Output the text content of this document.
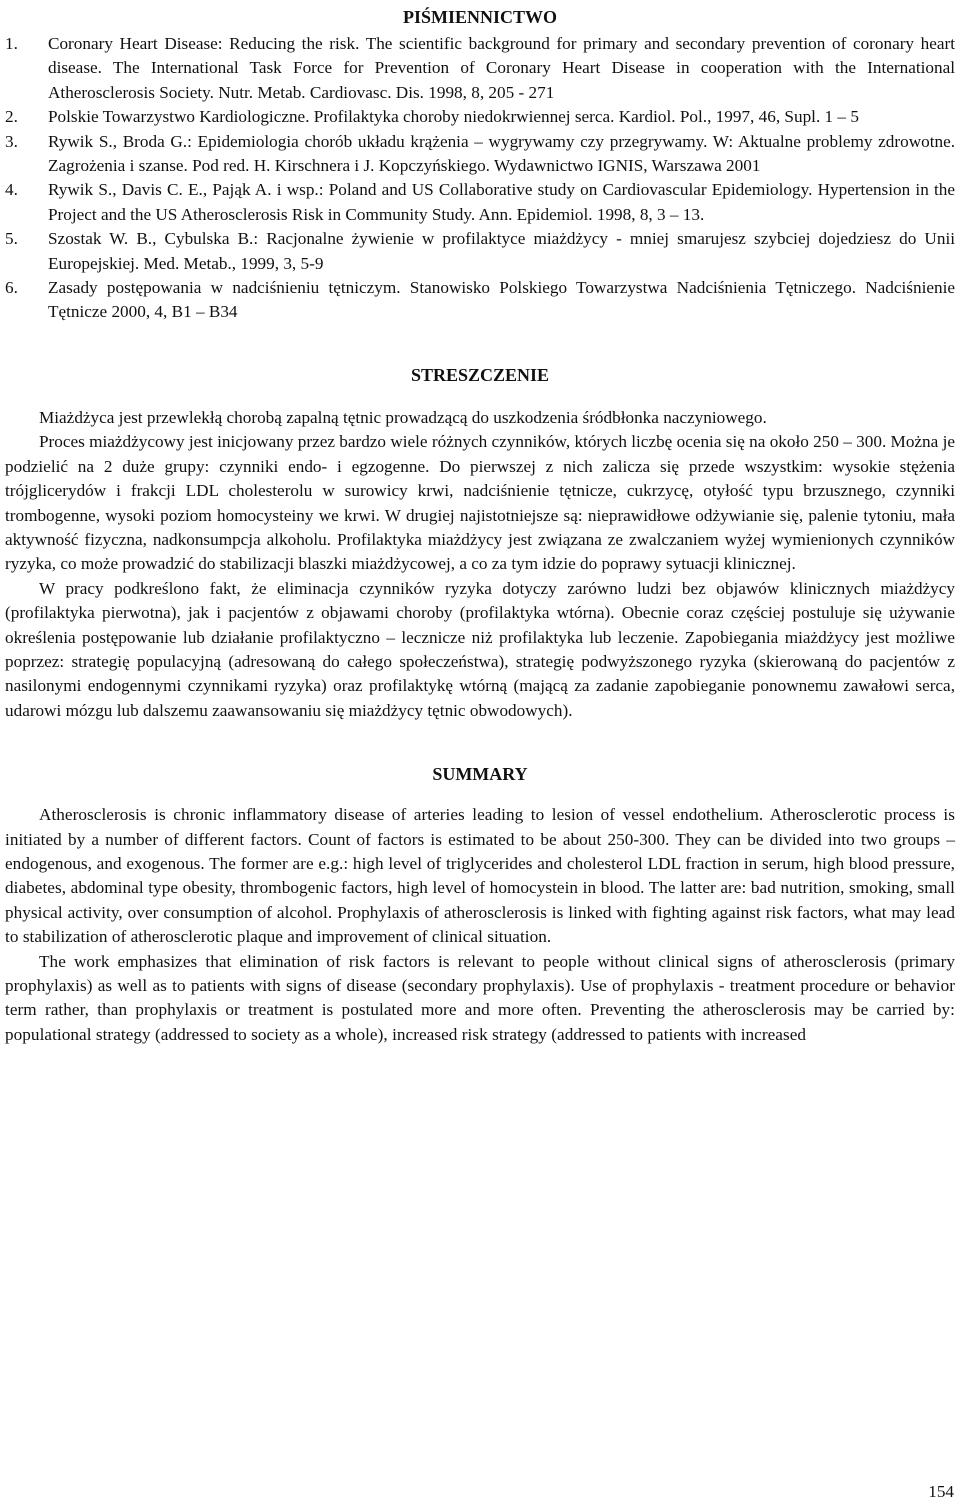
PIŚMIENNICTWO
1.	Coronary Heart Disease: Reducing the risk. The scientific background for primary and secondary prevention of coronary heart disease. The International Task Force for Prevention of Coronary Heart Disease in cooperation with the International Atherosclerosis Society. Nutr. Metab. Cardiovasc. Dis. 1998, 8, 205 - 271
2.	Polskie Towarzystwo Kardiologiczne. Profilaktyka choroby niedokrwiennej serca. Kardiol. Pol., 1997, 46, Supl. 1 – 5
3.	Rywik S., Broda G.: Epidemiologia chorób układu krążenia – wygrywamy czy przegrywamy. W: Aktualne problemy zdrowotne. Zagrożenia i szanse. Pod red. H. Kirschnera i J. Kopczyńskiego. Wydawnictwo IGNIS, Warszawa 2001
4.	Rywik S., Davis C. E., Pająk A. i wsp.: Poland and US Collaborative study on Cardiovascular Epidemiology. Hypertension in the Project and the US Atherosclerosis Risk in Community Study. Ann. Epidemiol. 1998, 8, 3 – 13.
5.	Szostak W. B., Cybulska B.: Racjonalne żywienie w profilaktyce miażdżycy - mniej smarujesz szybciej dojedziesz do Unii Europejskiej. Med. Metab., 1999, 3, 5-9
6.	Zasady postępowania w nadciśnieniu tętniczym. Stanowisko Polskiego Towarzystwa Nadciśnienia Tętniczego. Nadciśnienie Tętnicze 2000, 4, B1 – B34
STRESZCZENIE

Miażdżyca jest przewlekłą chorobą zapalną tętnic prowadzącą do uszkodzenia śródbłonka naczyniowego.

Proces miażdżycowy jest inicjowany przez bardzo wiele różnych czynników, których liczbę ocenia się na około 250 – 300. Można je podzielić na 2 duże grupy: czynniki endo- i egzogenne. Do pierwszej z nich zalicza się przede wszystkim: wysokie stężenia trójglicerydów i frakcji LDL cholesterolu w surowicy krwi, nadciśnienie tętnicze, cukrzycę, otyłość typu brzusznego, czynniki trombogenne, wysoki poziom homocysteiny we krwi. W drugiej najistotniejsze są: nieprawidłowe odżywianie się, palenie tytoniu, mała aktywność fizyczna, nadkonsumpcja alkoholu. Profilaktyka miażdżycy jest związana ze zwalczaniem wyżej wymienionych czynników ryzyka, co może prowadzić do stabilizacji blaszki miażdżycowej, a co za tym idzie do poprawy sytuacji klinicznej.

W pracy podkreślono fakt, że eliminacja czynników ryzyka dotyczy zarówno ludzi bez objawów klinicznych miażdżycy (profilaktyka pierwotna), jak i pacjentów z objawami choroby (profilaktyka wtórna). Obecnie coraz częściej postuluje się używanie określenia postępowanie lub działanie profilaktyczno – lecznicze niż profilaktyka lub leczenie. Zapobiegania miażdżycy jest możliwe poprzez: strategię populacyjną (adresowaną do całego społeczeństwa), strategię podwyższonego ryzyka (skierowaną do pacjentów z nasilonymi endogennymi czynnikami ryzyka) oraz profilaktykę wtórną (mającą za zadanie zapobieganie ponownemu zawałowi serca, udarowi mózgu lub dalszemu zaawansowaniu się miażdżycy tętnic obwodowych).

SUMMARY

Atherosclerosis is chronic inflammatory disease of arteries leading to lesion of vessel endothelium. Atherosclerotic process is initiated by a number of different factors. Count of factors is estimated to be about 250-300. They can be divided into two groups – endogenous, and exogenous. The former are e.g.: high level of triglycerides and cholesterol LDL fraction in serum, high blood pressure, diabetes, abdominal type obesity, thrombogenic factors, high level of homocystein in blood. The latter are: bad nutrition, smoking, small physical activity, over consumption of alcohol. Prophylaxis of atherosclerosis is linked with fighting against risk factors, what may lead to stabilization of atherosclerotic plaque and improvement of clinical situation.

The work emphasizes that elimination of risk factors is relevant to people without clinical signs of atherosclerosis (primary prophylaxis) as well as to patients with signs of disease (secondary prophylaxis). Use of prophylaxis - treatment procedure or behavior term rather, than prophylaxis or treatment is postulated more and more often. Preventing the atherosclerosis may be carried by: populational strategy (addressed to society as a whole), increased risk strategy (addressed to patients with increased

154
